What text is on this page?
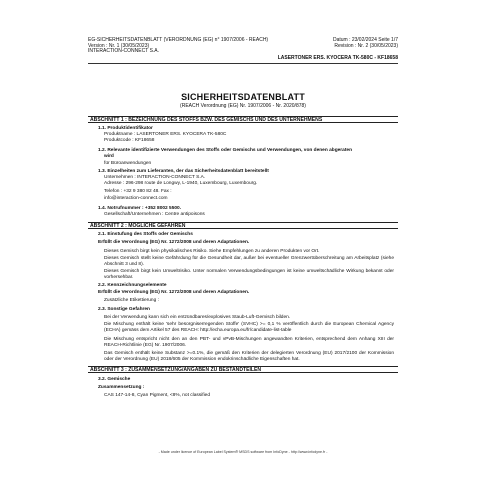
EG-SICHERHEITSDATENBLATT (VERORDNUNG (EG) n° 1907/2006 - REACH)
Version : Nr. 1 (30/05/2023)
INTERACTION-CONNECT S.A.
Datum : 23/02/2024 Seite 1/7
Revision : Nr. 2 (30/05/2023)
LASERTONER ERS. KYOCERA TK-580C - KF18658
SICHERHEITSDATENBLATT
(REACH Verordnung (EG) Nr. 1907/2006 - Nr. 2020/878)
ABSCHNITT 1 : BEZEICHNUNG DES STOFFS BZW. DES GEMISCHS UND DES UNTERNEHMENS
1.1. Produktidentifikator
Produktname : LASERTONER ERS. KYOCERA TK-580C
Produktcode : KF18658
1.2. Relevante identifizierte Verwendungen des Stoffs oder Gemischs und Verwendungen, von denen abgeraten
wird
für Büroanwendungen
1.3. Einzelheiten zum Lieferanten, der das Sicherheitsdatenblatt bereitstellt
Unternehmen : INTERACTION-CONNECT S.A.
Adresse : 296-298 route de Longwy, L-1940, Luxembourg, Luxembourg.
Telefon : +32 9 380 82 48. Fax :
info@interaction-connect.com
1.4. Notrufnummer : +352 8002 5500.
Gesellschaft/Unternehmen : Centre antipoisons
ABSCHNITT 2 : MÖGLICHE GEFAHREN
2.1. Einstufung des Stoffs oder Gemischs
Erfüllt die Verordnung (EG) Nr. 1272/2008 und deren Adaptationen.
Dieses Gemisch birgt kein physikalisches Risiko. Siehe Empfehlungen zu anderen Produkten vor Ort.
Dieses Gemisch stellt keine Gefährdung für die Gesundheit dar, außer bei eventueller Grenzwertüberschreitung am Arbeitsplatz (siehe Abschnitt 3 und 8).
Dieses Gemisch birgt kein Umweltrisiko. Unter normalen Verwendungsbedingungen ist keine umweltschädliche Wirkung bekannt oder vorhersehbar.
2.2. Kennzeichnungselemente
Erfüllt die Verordnung (EG) Nr. 1272/2008 und deren Adaptationen.
Zusätzliche Etikettierung :
2.3. Sonstige Gefahren
Bei der Verwendung kann sich ein entzündbares/explosives Staub-Luft-Gemisch bilden.
Die Mischung enthält keine 'sehr besorgniserregenden Stoffe' (SVHC) >= 0,1 % veröffentlich durch die European Chemical Agency (ECHA) gemäss dem Artikel 57 des REACH: http://echa.europa.eu/fr/candidate-list-table
Die Mischung entspricht nicht den an den PBT- und vPvB-Mischungen angewandten Kriterien, entsprechend dem Anhang XIII der REACH-Richtlinie (EG) Nr. 1907/2006.
Das Gemisch enthält keine Substanz >=0.1%, die gemäß den Kriterien der delegierten Verordnung (EU) 2017/2100 der Kommission oder der Verordnung (EU) 2018/605 der Kommission endokrinschädliche Eigenschaften hat.
ABSCHNITT 3 : ZUSAMMENSETZUNG/ANGABEN ZU BESTANDTEILEN
3.2. Gemische
Zusammensetzung :
CAS 147-14-8, Cyan Pigment, <8%, not classified
- Made under licence of European Label System® MSDS software from InfoDyne - http://www.infodyne.fr -
